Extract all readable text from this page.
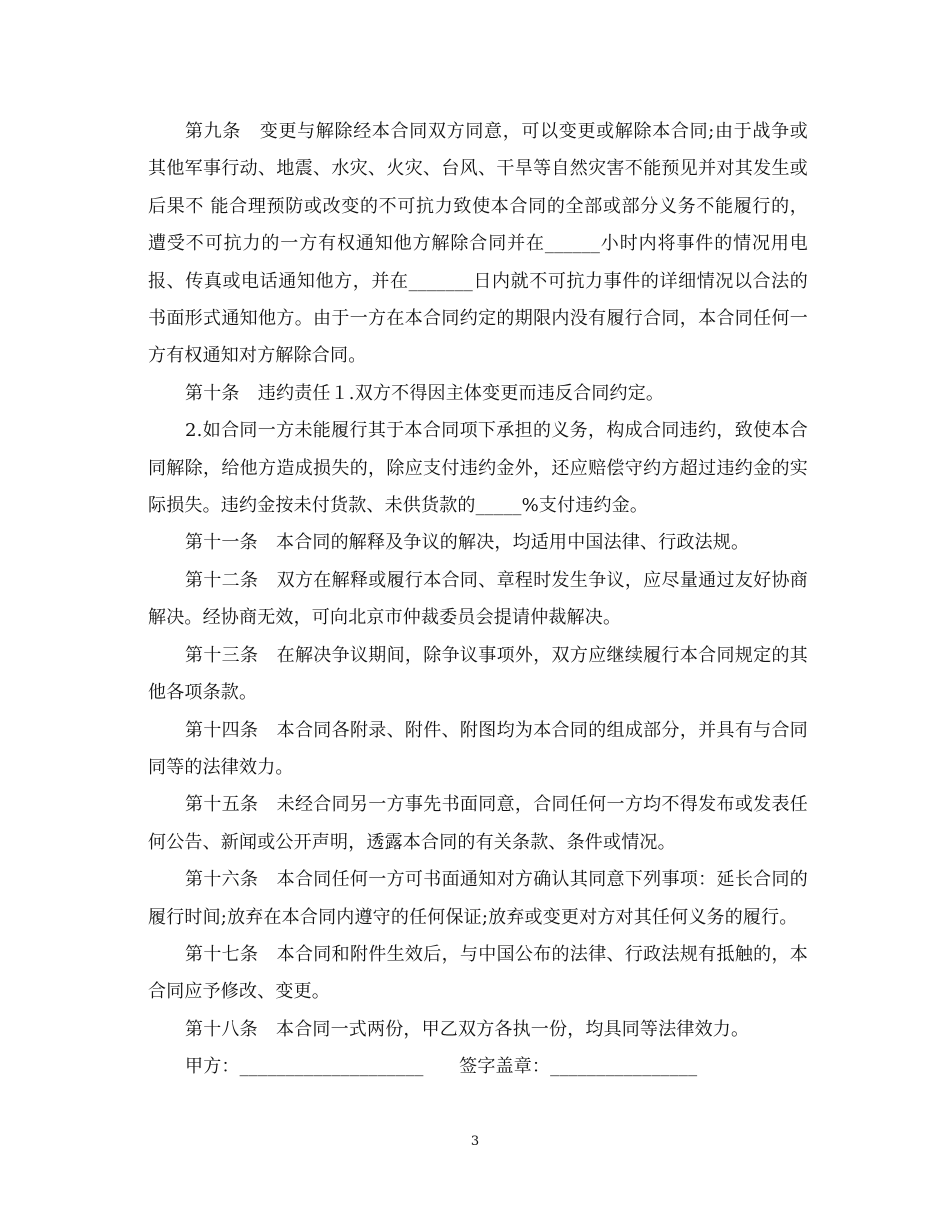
第九条　变更与解除经本合同双方同意，可以变更或解除本合同;由于战争或其他军事行动、地震、水灾、火灾、台风、干旱等自然灾害不能预见并对其发生或后果不 能合理预防或改变的不可抗力致使本合同的全部或部分义务不能履行的，遭受不可抗力的一方有权通知他方解除合同并在______小时内将事件的情况用电报、传真或电话通知他方，并在_______日内就不可抗力事件的详细情况以合法的书面形式通知他方。由于一方在本合同约定的期限内没有履行合同，本合同任何一方有权通知对方解除合同。

第十条　违约责任１.双方不得因主体变更而违反合同约定。

2.如合同一方未能履行其于本合同项下承担的义务，构成合同违约，致使本合同解除，给他方造成损失的，除应支付违约金外，还应赔偿守约方超过违约金的实际损失。违约金按未付货款、未供货款的_____%支付违约金。

第十一条　本合同的解释及争议的解决，均适用中国法律、行政法规。

第十二条　双方在解释或履行本合同、章程时发生争议，应尽量通过友好协商解决。经协商无效，可向北京市仲裁委员会提请仲裁解决。

第十三条　在解决争议期间，除争议事项外，双方应继续履行本合同规定的其他各项条款。

第十四条　本合同各附录、附件、附图均为本合同的组成部分，并具有与合同同等的法律效力。

第十五条　未经合同另一方事先书面同意，合同任何一方均不得发布或发表任何公告、新闻或公开声明，透露本合同的有关条款、条件或情况。

第十六条　本合同任何一方可书面通知对方确认其同意下列事项：延长合同的履行时间;放弃在本合同内遵守的任何保证;放弃或变更对方对其任何义务的履行。

第十七条　本合同和附件生效后，与中国公布的法律、行政法规有抵触的，本合同应予修改、变更。

第十八条　本合同一式两份，甲乙双方各执一份，均具同等法律效力。

甲方：____________________      签字盖章：________________

3
